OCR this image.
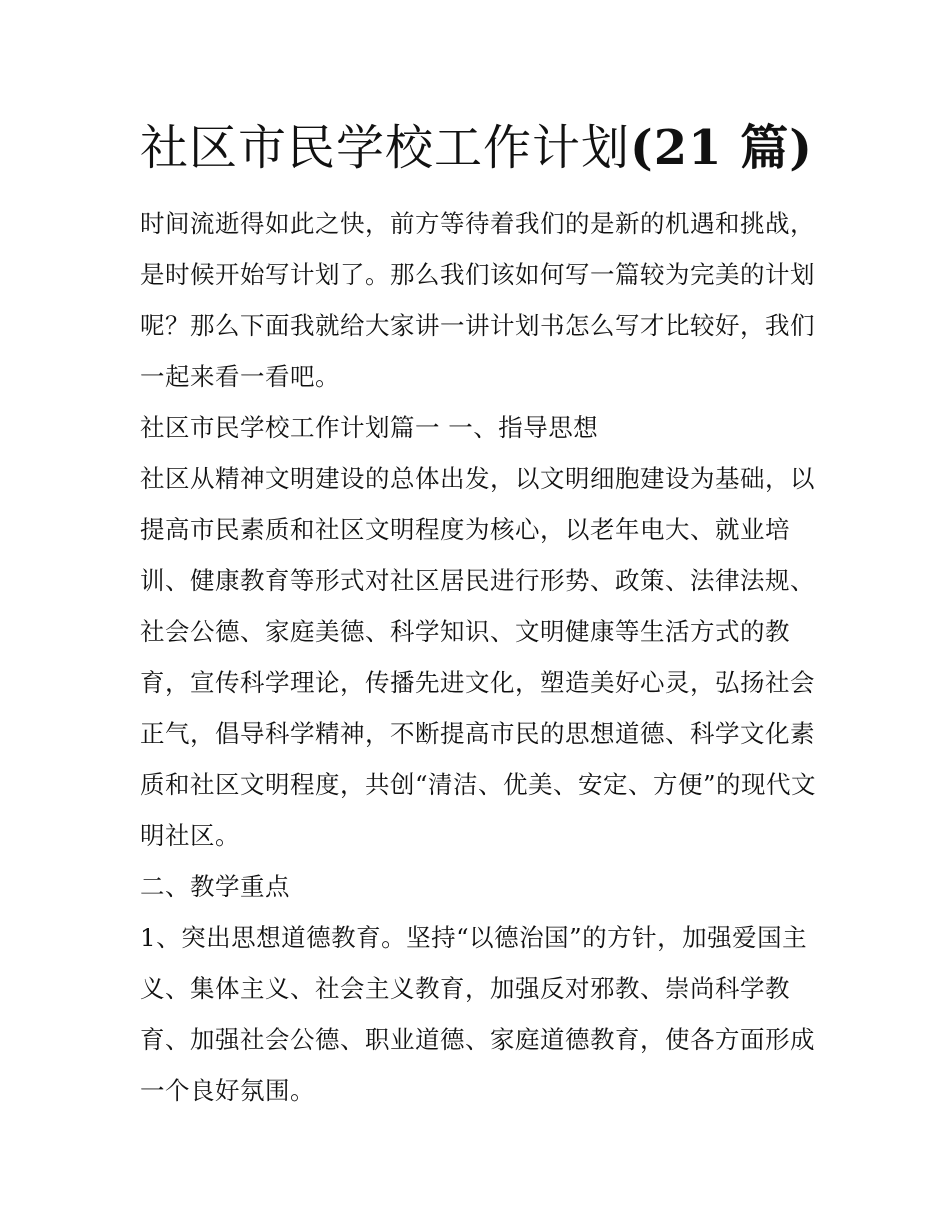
社区市民学校工作计划(21 篇)
时间流逝得如此之快，前方等待着我们的是新的机遇和挑战，
是时候开始写计划了。那么我们该如何写一篇较为完美的计划
呢？那么下面我就给大家讲一讲计划书怎么写才比较好，我们
一起来看一看吧。
社区市民学校工作计划篇一 一、指导思想
社区从精神文明建设的总体出发，以文明细胞建设为基础，以
提高市民素质和社区文明程度为核心，以老年电大、就业培
训、健康教育等形式对社区居民进行形势、政策、法律法规、
社会公德、家庭美德、科学知识、文明健康等生活方式的教
育，宣传科学理论，传播先进文化，塑造美好心灵，弘扬社会
正气，倡导科学精神，不断提高市民的思想道德、科学文化素
质和社区文明程度，共创“清洁、优美、安定、方便”的现代文
明社区。
二、教学重点
1、突出思想道德教育。坚持“以德治国”的方针，加强爱国主
义、集体主义、社会主义教育，加强反对邪教、崇尚科学教
育、加强社会公德、职业道德、家庭道德教育，使各方面形成
一个良好氛围。
